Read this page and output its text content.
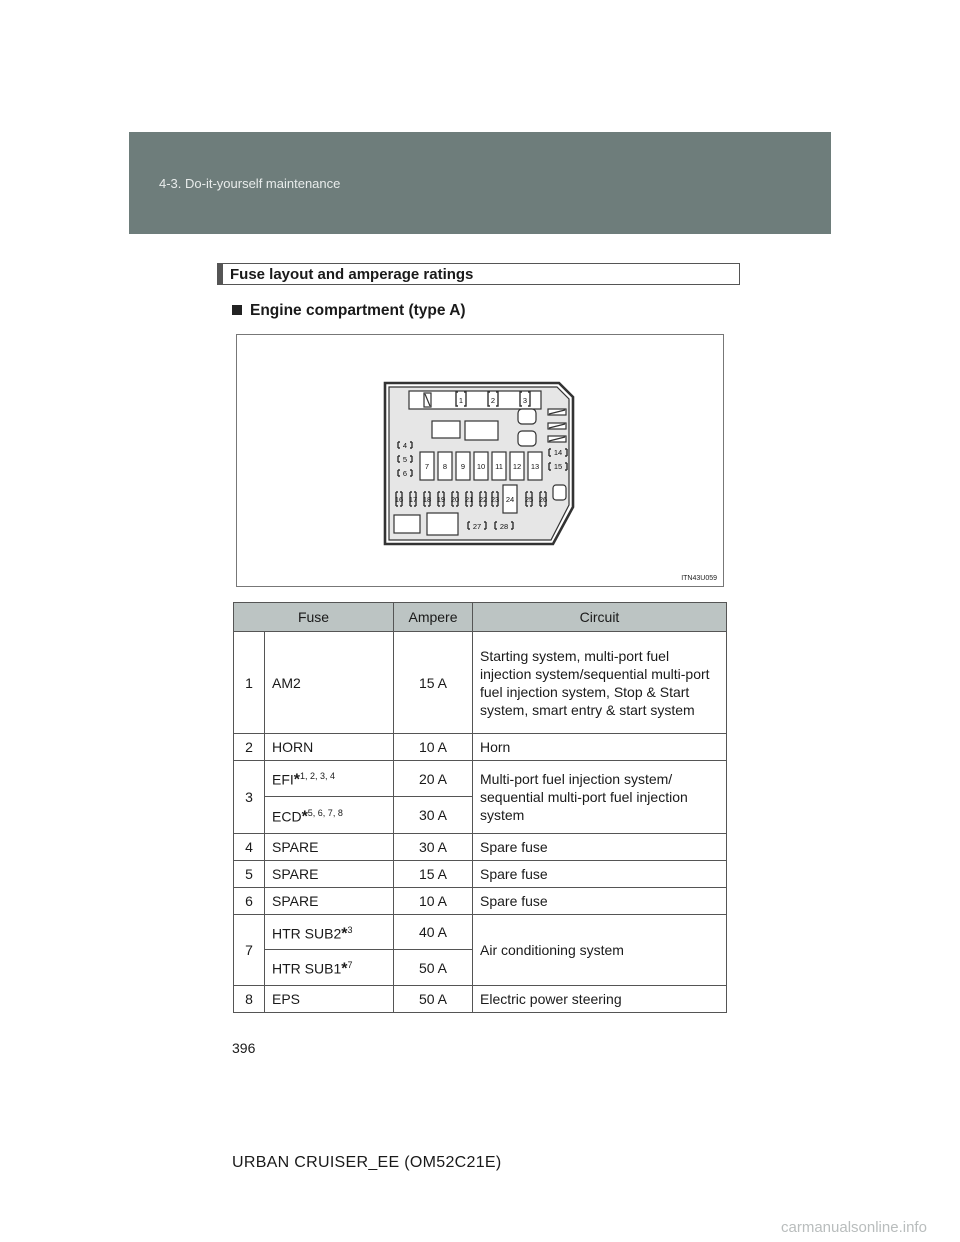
4-3. Do-it-yourself maintenance
Fuse layout and amperage ratings
Engine compartment (type A)
1	2	3
4
5
6
7 8 9 10 11 12 13
14
15
16 17 18 19 20 21 22 23 24 25 26
27 28
ITN43U059
Fuse		Ampere	Circuit
1	AM2	15 A	Starting system, multi-port fuel injection system/sequential multi-port fuel injection system, Stop & Start system, smart entry & start system
2	HORN	10 A	Horn
3	EFI*$^{1, 2, 3, 4}$	20 A	Multi-port fuel injection system/ sequential multi-port fuel injection system
	ECD*$^{5, 6, 7, 8}$	30 A	
4	SPARE	30 A	Spare fuse
5	SPARE	15 A	Spare fuse
6	SPARE	10 A	Spare fuse
7	HTR SUB2*$^3$	40 A	Air conditioning system
	HTR SUB1*$^7$	50 A	
8	EPS	50 A	Electric power steering
396
URBAN CRUISER_EE (OM52C21E)
carmanualsonline.info
